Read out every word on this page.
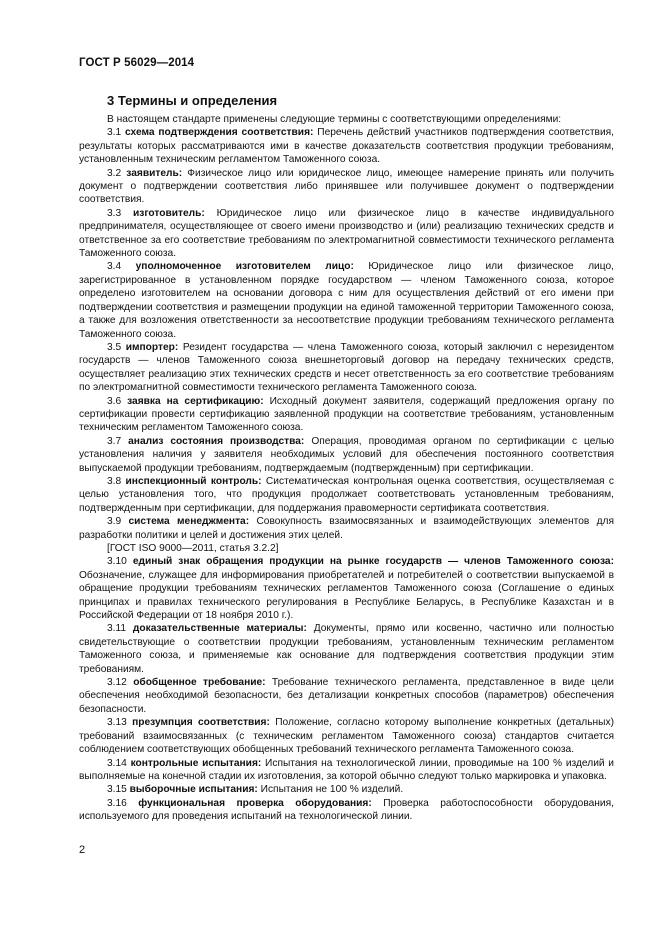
ГОСТ Р 56029—2014
3 Термины и определения

В настоящем стандарте применены следующие термины с соответствующими определениями:

3.1 схема подтверждения соответствия: Перечень действий участников подтверждения соответствия, результаты которых рассматриваются ими в качестве доказательств соответствия продукции требованиям, установленным техническим регламентом Таможенного союза.

3.2 заявитель: Физическое лицо или юридическое лицо, имеющее намерение принять или получить документ о подтверждении соответствия либо принявшее или получившее документ о подтверждении соответствия.

3.3 изготовитель: Юридическое лицо или физическое лицо в качестве индивидуального предпринимателя, осуществляющее от своего имени производство и (или) реализацию технических средств и ответственное за его соответствие требованиям по электромагнитной совместимости технического регламента Таможенного союза.

3.4 уполномоченное изготовителем лицо: Юридическое лицо или физическое лицо, зарегистрированное в установленном порядке государством — членом Таможенного союза, которое определено изготовителем на основании договора с ним для осуществления действий от его имени при подтверждении соответствия и размещении продукции на единой таможенной территории Таможенного союза, а также для возложения ответственности за несоответствие продукции требованиям технического регламента Таможенного союза.

3.5 импортер: Резидент государства — члена Таможенного союза, который заключил с нерезидентом государств — членов Таможенного союза внешнеторговый договор на передачу технических средств, осуществляет реализацию этих технических средств и несет ответственность за его соответствие требованиям по электромагнитной совместимости технического регламента Таможенного союза.

3.6 заявка на сертификацию: Исходный документ заявителя, содержащий предложения органу по сертификации провести сертификацию заявленной продукции на соответствие требованиям, установленным техническим регламентом Таможенного союза.

3.7 анализ состояния производства: Операция, проводимая органом по сертификации с целью установления наличия у заявителя необходимых условий для обеспечения постоянного соответствия выпускаемой продукции требованиям, подтверждаемым (подтвержденным) при сертификации.

3.8 инспекционный контроль: Систематическая контрольная оценка соответствия, осуществляемая с целью установления того, что продукция продолжает соответствовать установленным требованиям, подтвержденным при сертификации, для поддержания правомерности сертификата соответствия.

3.9 система менеджмента: Совокупность взаимосвязанных и взаимодействующих элементов для разработки политики и целей и достижения этих целей.

[ГОСТ ISO 9000—2011, статья 3.2.2]

3.10 единый знак обращения продукции на рынке государств — членов Таможенного союза: Обозначение, служащее для информирования приобретателей и потребителей о соответствии выпускаемой в обращение продукции требованиям технических регламентов Таможенного союза (Соглашение о единых принципах и правилах технического регулирования в Республике Беларусь, в Республике Казахстан и в Российской Федерации от 18 ноября 2010 г.).

3.11 доказательственные материалы: Документы, прямо или косвенно, частично или полностью свидетельствующие о соответствии продукции требованиям, установленным техническим регламентом Таможенного союза, и применяемые как основание для подтверждения соответствия продукции этим требованиям.

3.12 обобщенное требование: Требование технического регламента, представленное в виде цели обеспечения необходимой безопасности, без детализации конкретных способов (параметров) обеспечения безопасности.

3.13 презумпция соответствия: Положение, согласно которому выполнение конкретных (детальных) требований взаимосвязанных (с техническим регламентом Таможенного союза) стандартов считается соблюдением соответствующих обобщенных требований технического регламента Таможенного союза.

3.14 контрольные испытания: Испытания на технологической линии, проводимые на 100 % изделий и выполняемые на конечной стадии их изготовления, за которой обычно следуют только маркировка и упаковка.

3.15 выборочные испытания: Испытания не 100 % изделий.

3.16 функциональная проверка оборудования: Проверка работоспособности оборудования, используемого для проведения испытаний на технологической линии.

2
